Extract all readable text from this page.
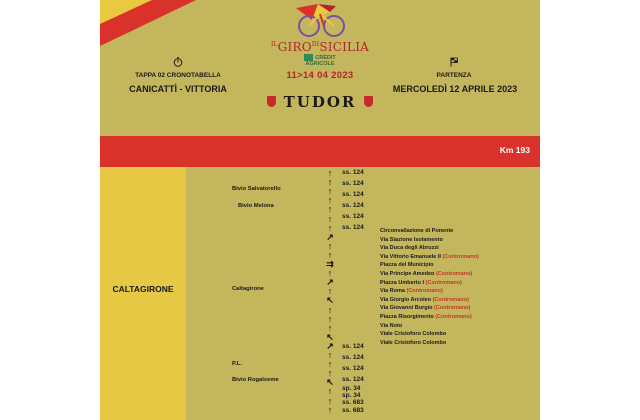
$^{IL}GIRO^{DI}SICILIA$
CRÉDIT
AGRICOLE
11>14 04 2023
TAPPA 02 CRONOTABELLA
CANICATTÌ - VITTORIA
PARTENZA
MERCOLEDÌ 12 APRILE 2023
TUDOR
Km 193
CALTAGIRONE
Bivio Salvatorello
Bivio Melona
Caltagirone
P.L.
Bivio Rogalseme
ss. 124
ss. 124
ss. 124
ss. 124
ss. 124
ss. 124
ss. 124
ss. 124
ss. 124
ss. 124
sp. 34
sp. 34
ss. 683
ss. 683
Circonvallazione di Ponente
Via Stazione Isolamento
Via Duca degli Abruzzi
Via Vittorio Emanuele II (Contromano)
Piazza del Municipio
Via Principe Amedeo (Contromano)
Piazza Umberto I (Contromano)
Via Roma (Contromano)
Via Giorgio Arcoleo (Contromano)
Via Giovanni Burgio (Contromano)
Piazza Risorgimento (Contromano)
Via Noto
Viale Cristoforo Colombo
Viale Cristoforo Colombo
↑
↑
↑
↑
↑
↑
↑
↗
↑
↑
⇉
↑
↗
↑
↖
↑
↑
↑
↖
↗
↑
↑
↑
↖
↑
↑
↑
